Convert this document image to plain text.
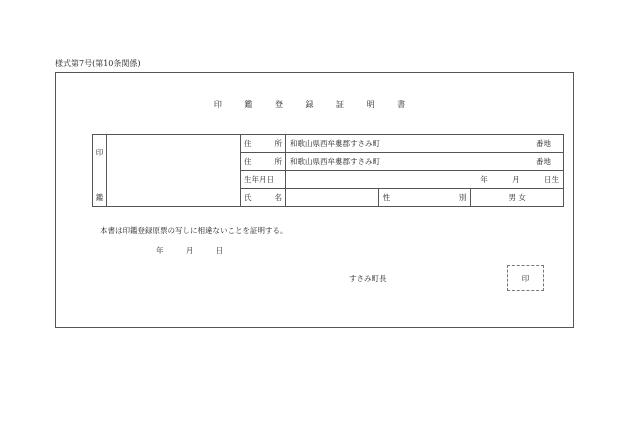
様式第7号(第10条関係)
印 鑑 登 録 証 明 書
印
鑑		住 所	和歌山県西牟婁郡すさみ町 番地		

		住 所	和歌山県西牟婁郡すさみ町 番地		

		生年月日	年 月 日生		

		氏 名		性 別	男 女
本書は印鑑登録原票の写しに相違ないことを証明する。
年	月	日
すさみ町長	印
